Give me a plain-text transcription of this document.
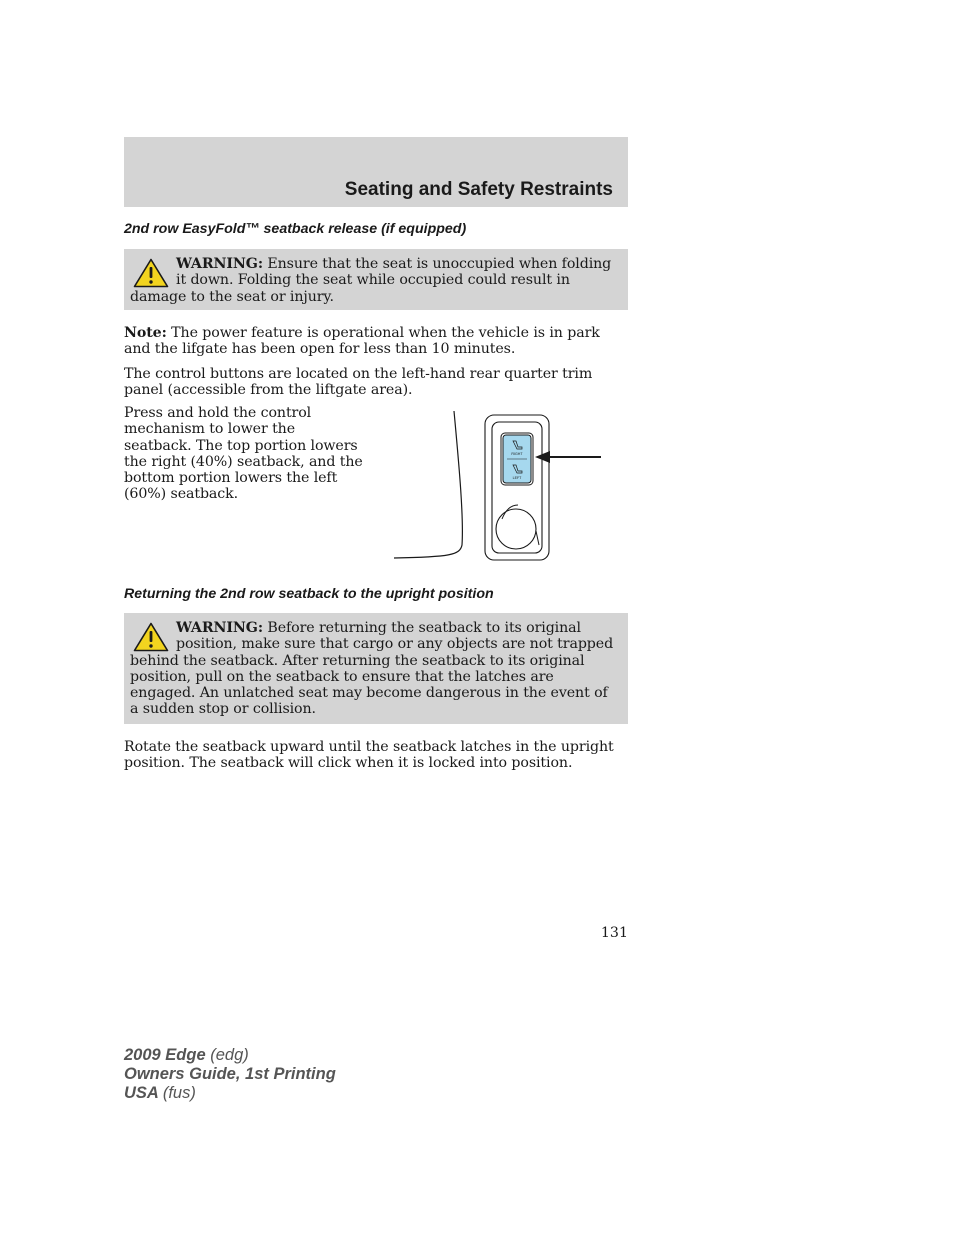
Seating and Safety Restraints
2nd row EasyFold™ seatback release (if equipped)
WARNING: Ensure that the seat is unoccupied when folding it down. Folding the seat while occupied could result in damage to the seat or injury.
Note: The power feature is operational when the vehicle is in park and the lifgate has been open for less than 10 minutes.
The control buttons are located on the left-hand rear quarter trim panel (accessible from the liftgate area).
Press and hold the control mechanism to lower the seatback. The top portion lowers the right (40%) seatback, and the bottom portion lowers the left (60%) seatback.
RIGHT
LEFT
Returning the 2nd row seatback to the upright position
WARNING: Before returning the seatback to its original position, make sure that cargo or any objects are not trapped behind the seatback. After returning the seatback to its original position, pull on the seatback to ensure that the latches are engaged. An unlatched seat may become dangerous in the event of a sudden stop or collision.
Rotate the seatback upward until the seatback latches in the upright position. The seatback will click when it is locked into position.
131
2009 Edge (edg)
Owners Guide, 1st Printing
USA (fus)
